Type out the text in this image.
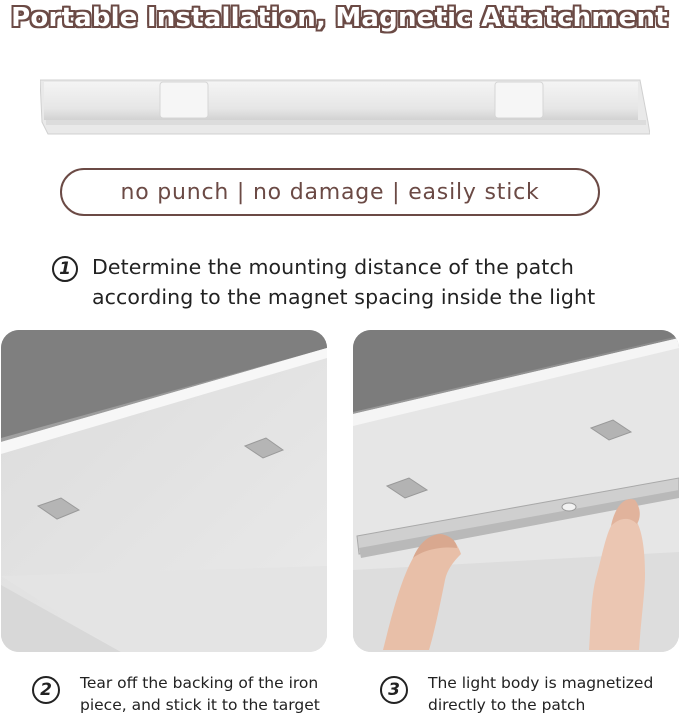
Portable Installation, Magnetic Attatchment
no punch | no damage | easily stick
1	Determine the mounting distance of the patch
according to the magnet spacing inside the light
2	Tear off the backing of the iron
piece, and stick it to the target
3	The light body is magnetized
directly to the patch
